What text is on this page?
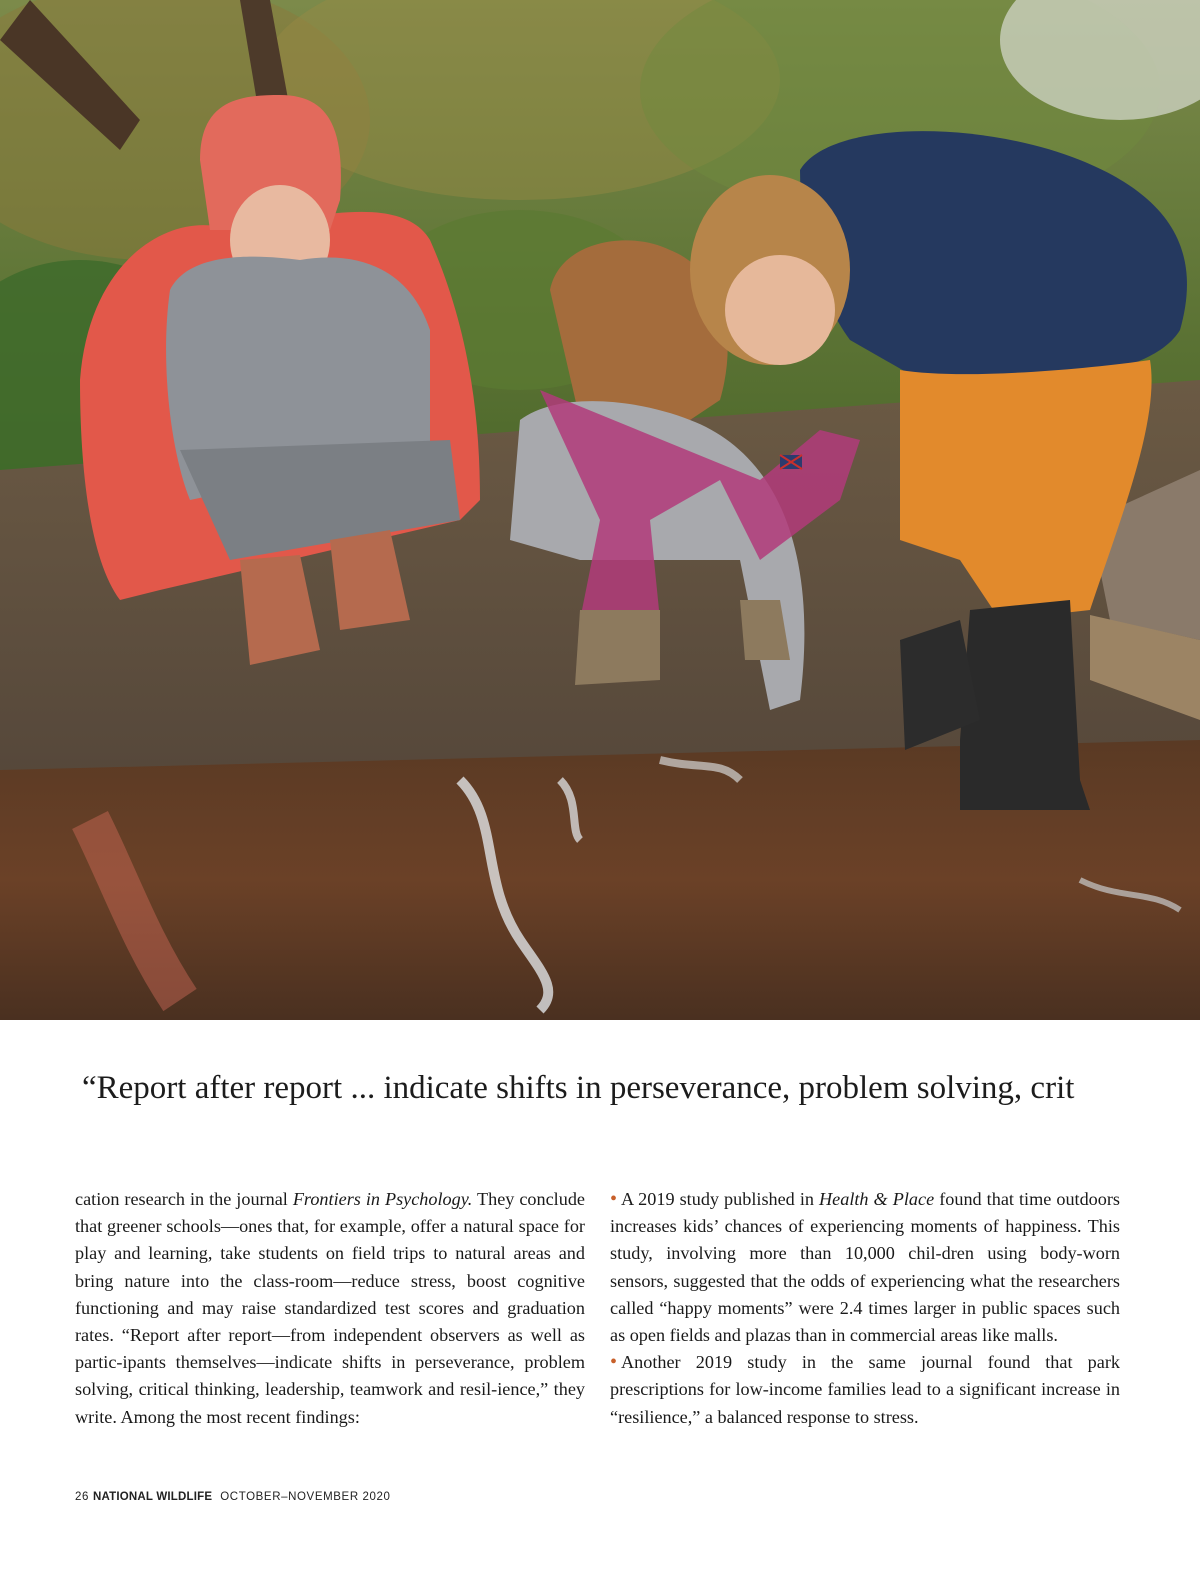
“Report after report ... indicate shifts in perseverance, problem solving, crit

cation research in the journal Frontiers in Psychology. They conclude that greener schools—ones that, for example, offer a natural space for play and learning, take students on field trips to natural areas and bring nature into the class-room—reduce stress, boost cognitive functioning and may raise standardized test scores and graduation rates. “Report after report—from independent observers as well as partic-ipants themselves—indicate shifts in perseverance, problem solving, critical thinking, leadership, teamwork and resil-ience,” they write. Among the most recent findings:

• A 2019 study published in Health & Place found that time outdoors increases kids’ chances of experiencing moments of happiness. This study, involving more than 10,000 chil-dren using body-worn sensors, suggested that the odds of experiencing what the researchers called “happy moments” were 2.4 times larger in public spaces such as open fields and plazas than in commercial areas like malls.

• Another 2019 study in the same journal found that park prescriptions for low-income families lead to a significant increase in “resilience,” a balanced response to stress.

26 NATIONAL WILDLIFE OCTOBER–NOVEMBER 2020
